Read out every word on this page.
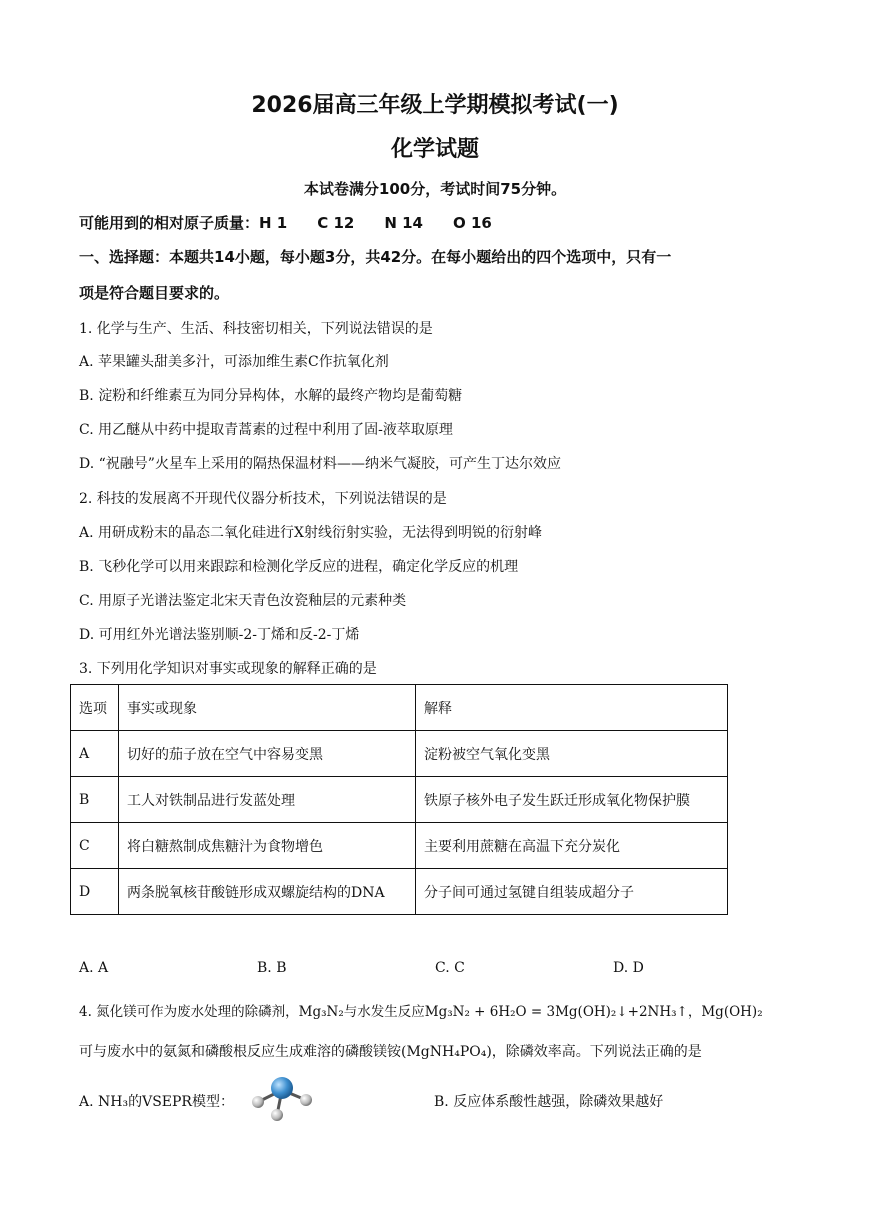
2026届高三年级上学期模拟考试(一)
化学试题
本试卷满分100分，考试时间75分钟。
可能用到的相对原子质量：H 1　　C 12　　N 14　　O 16
一、选择题：本题共14小题，每小题3分，共42分。在每小题给出的四个选项中，只有一
项是符合题目要求的。
1. 化学与生产、生活、科技密切相关，下列说法错误的是
A. 苹果罐头甜美多汁，可添加维生素C作抗氧化剂
B. 淀粉和纤维素互为同分异构体，水解的最终产物均是葡萄糖
C. 用乙醚从中药中提取青蒿素的过程中利用了固-液萃取原理
D. “祝融号”火星车上采用的隔热保温材料——纳米气凝胶，可产生丁达尔效应
2. 科技的发展离不开现代仪器分析技术，下列说法错误的是
A. 用研成粉末的晶态二氧化硅进行X射线衍射实验，无法得到明锐的衍射峰
B. 飞秒化学可以用来跟踪和检测化学反应的进程，确定化学反应的机理
C. 用原子光谱法鉴定北宋天青色汝瓷釉层的元素种类
D. 可用红外光谱法鉴别顺-2-丁烯和反-2-丁烯
3. 下列用化学知识对事实或现象的解释正确的是
选项	事实或现象	解释
A	切好的茄子放在空气中容易变黑	淀粉被空气氧化变黑
B	工人对铁制品进行发蓝处理	铁原子核外电子发生跃迁形成氧化物保护膜
C	将白糖熬制成焦糖汁为食物增色	主要利用蔗糖在高温下充分炭化
D	两条脱氧核苷酸链形成双螺旋结构的DNA	分子间可通过氢键自组装成超分子
A. A	B. B	C. C	D. D
4. 氮化镁可作为废水处理的除磷剂，Mg₃N₂与水发生反应Mg₃N₂ + 6H₂O = 3Mg(OH)₂↓+2NH₃↑，Mg(OH)₂
可与废水中的氨氮和磷酸根反应生成难溶的磷酸镁铵(MgNH₄PO₄)，除磷效率高。下列说法正确的是
A. NH₃的VSEPR模型：	B. 反应体系酸性越强，除磷效果越好
